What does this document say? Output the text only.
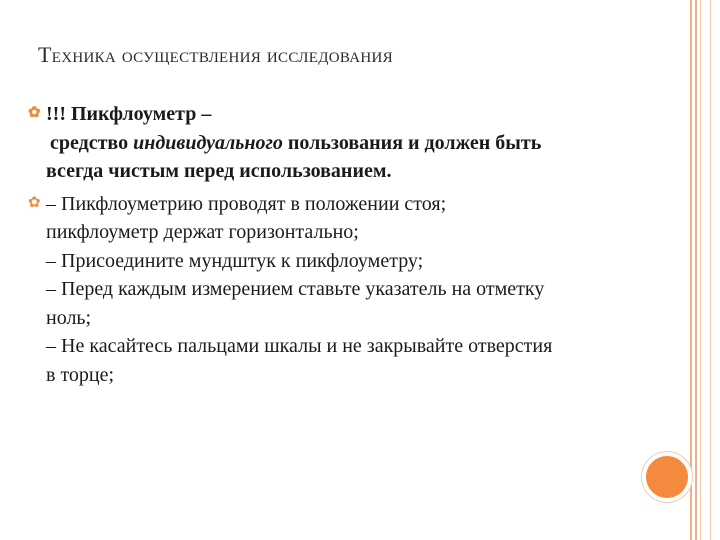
Техника осуществления исследования
✿ !!! Пикфлоуметр –
средство индивидуального пользования и должен быть
всегда чистым перед использованием.
✿ – Пикфлоуметрию проводят в положении стоя;
пикфлоуметр держат горизонтально;
– Присоедините мундштук к пикфлоуметру;
– Перед каждым измерением ставьте указатель на отметку
ноль;
– Не касайтесь пальцами шкалы и не закрывайте отверстия
в торце;
